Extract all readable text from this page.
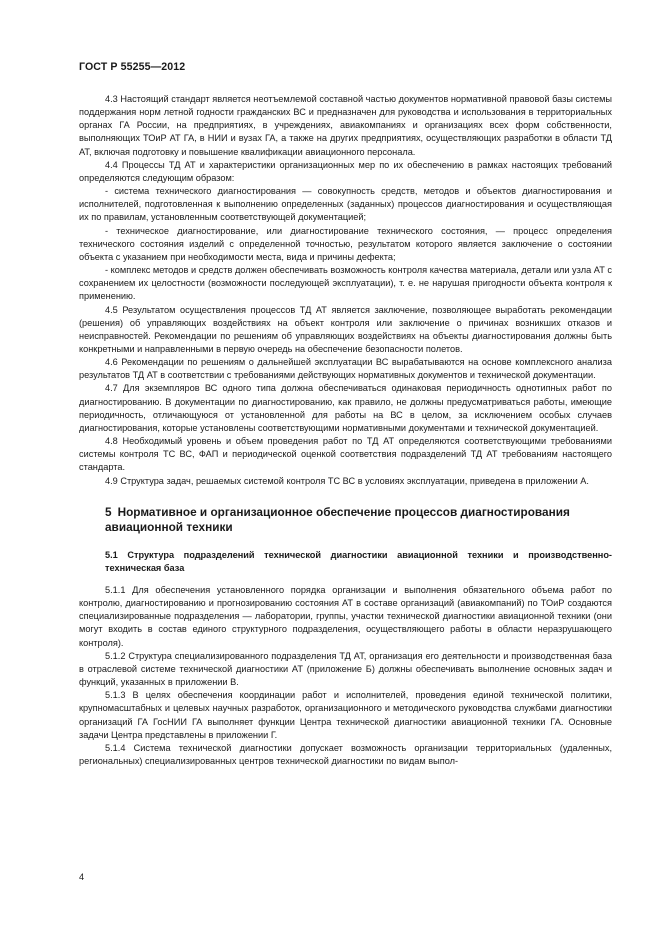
ГОСТ Р 55255—2012

4.3 Настоящий стандарт является неотъемлемой составной частью документов нормативной правовой базы системы поддержания норм летной годности гражданских ВС и предназначен для руководства и использования в территориальных органах ГА России, на предприятиях, в учреждениях, авиакомпаниях и организациях всех форм собственности, выполняющих ТОиР АТ ГА, в НИИ и вузах ГА, а также на других предприятиях, осуществляющих разработки в области ТД АТ, включая подготовку и повышение квалификации авиационного персонала.

4.4 Процессы ТД АТ и характеристики организационных мер по их обеспечению в рамках настоящих требований определяются следующим образом:

- система технического диагностирования — совокупность средств, методов и объектов диагностирования и исполнителей, подготовленная к выполнению определенных (заданных) процессов диагностирования и осуществляющая их по правилам, установленным соответствующей документацией;

- техническое диагностирование, или диагностирование технического состояния, — процесс определения технического состояния изделий с определенной точностью, результатом которого является заключение о состоянии объекта с указанием при необходимости места, вида и причины дефекта;

- комплекс методов и средств должен обеспечивать возможность контроля качества материала, детали или узла АТ с сохранением их целостности (возможности последующей эксплуатации), т. е. не нарушая пригодности объекта контроля к применению.

4.5 Результатом осуществления процессов ТД АТ является заключение, позволяющее выработать рекомендации (решения) об управляющих воздействиях на объект контроля или заключение о причинах возникших отказов и неисправностей. Рекомендации по решениям об управляющих воздействиях на объекты диагностирования должны быть конкретными и направленными в первую очередь на обеспечение безопасности полетов.

4.6 Рекомендации по решениям о дальнейшей эксплуатации ВС вырабатываются на основе комплексного анализа результатов ТД АТ в соответствии с требованиями действующих нормативных документов и технической документации.

4.7 Для экземпляров ВС одного типа должна обеспечиваться одинаковая периодичность однотипных работ по диагностированию. В документации по диагностированию, как правило, не должны предусматриваться работы, имеющие периодичность, отличающуюся от установленной для работы на ВС в целом, за исключением особых случаев диагностирования, которые установлены соответствующими нормативными документами и технической документацией.

4.8 Необходимый уровень и объем проведения работ по ТД АТ определяются соответствующими требованиями системы контроля ТС ВС, ФАП и периодической оценкой соответствия подразделений ТД АТ требованиям настоящего стандарта.

4.9 Структура задач, решаемых системой контроля ТС ВС в условиях эксплуатации, приведена в приложении А.

5 Нормативное и организационное обеспечение процессов диагностирования авиационной техники
5.1 Структура подразделений технической диагностики авиационной техники и производственно-техническая база

5.1.1 Для обеспечения установленного порядка организации и выполнения обязательного объема работ по контролю, диагностированию и прогнозированию состояния АТ в составе организаций (авиакомпаний) по ТОиР создаются специализированные подразделения — лаборатории, группы, участки технической диагностики авиационной техники (они могут входить в состав единого структурного подразделения, осуществляющего работы в области неразрушающего контроля).

5.1.2 Структура специализированного подразделения ТД АТ, организация его деятельности и производственная база в отраслевой системе технической диагностики АТ (приложение Б) должны обеспечивать выполнение основных задач и функций, указанных в приложении В.

5.1.3 В целях обеспечения координации работ и исполнителей, проведения единой технической политики, крупномасштабных и целевых научных разработок, организационного и методического руководства службами диагностики организаций ГА ГосНИИ ГА выполняет функции Центра технической диагностики авиационной техники ГА. Основные задачи Центра представлены в приложении Г.

5.1.4 Система технической диагностики допускает возможность организации территориальных (удаленных, региональных) специализированных центров технической диагностики по видам выпол-

4
